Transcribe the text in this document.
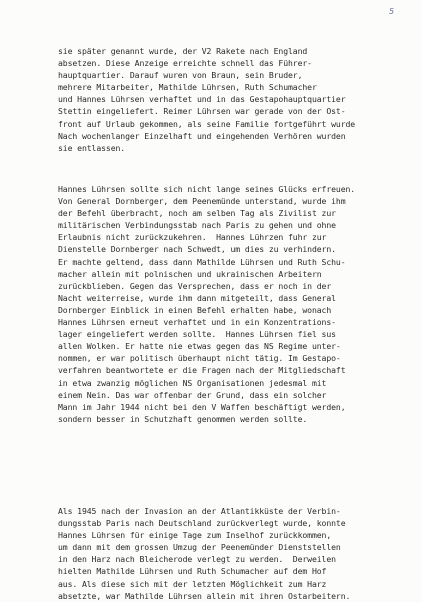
5
sie später genannt wurde, der V2 Rakete nach England
absetzen. Diese Anzeige erreichte schnell das Führer-
hauptquartier. Darauf wuren von Braun, sein Bruder,
mehrere Mitarbeiter, Mathilde Lührsen, Ruth Schumacher
und Hannes Lührsen verhaftet und in das Gestapohauptquartier
Stettin eingeliefert. Reimer Lührsen war gerade von der Ost-
front auf Urlaub gekommen, als seine Familie fortgeführt wurde
Nach wochenlanger Einzelhaft und eingehenden Verhören wurden
sie entlassen.
Hannes Lührsen sollte sich nicht lange seines Glücks erfreuen.
Von General Dornberger, dem Peenemünde unterstand, wurde ihm
der Befehl überbracht, noch am selben Tag als Zivilist zur
militärischen Verbindungsstab nach Paris zu gehen und ohne
Erlaubnis nicht zurückzukehren.  Hannes Lührzen fuhr zur
Dienstelle Dornberger nach Schwedt, um dies zu verhindern.
Er machte geltend, dass dann Mathilde Lührsen und Ruth Schu-
macher allein mit polnischen und ukrainischen Arbeitern
zurückblieben. Gegen das Versprechen, dass er noch in der
Nacht weiterreise, wurde ihm dann mitgeteilt, dass General
Dornberger Einblick in einen Befehl erhalten habe, wonach
Hannes Lührsen erneut verhaftet und in ein Konzentrations-
lager eingeliefert werden sollte.  Hannes Lührsen fiel sus
allen Wolken. Er hatte nie etwas gegen das NS Regime unter-
nommen, er war politisch überhaupt nicht tätig. Im Gestapo-
verfahren beantwortete er die Fragen nach der Mitgliedschaft
in etwa zwanzig möglichen NS Organisationen jedesmal mit
einem Nein. Das war offenbar der Grund, dass ein solcher
Mann im Jahr 1944 nicht bei den V Waffen beschäftigt werden,
sondern besser in Schutzhaft genommen werden sollte.
Als 1945 nach der Invasion an der Atlantikküste der Verbin-
dungsstab Paris nach Deutschland zurückverlegt wurde, konnte
Hannes Lührsen für einige Tage zum Inselhof zurückkommen,
um dann mit dem grossen Umzug der Peenemünder Dienststellen
in den Harz nach Bleicherode verlegt zu werden.  Derweilen
hielten Mathilde Lührsen und Ruth Schumacher auf dem Hof
aus. Als diese sich mit der letzten Möglichkeit zum Harz
absetzte, war Mathilde Lührsen allein mit ihren Ostarbeitern.
